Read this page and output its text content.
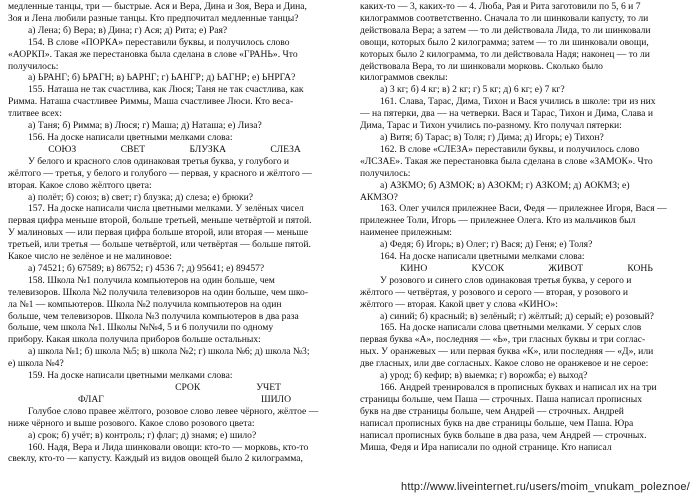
медленные танцы, три — быстрые. Ася и Вера, Дина и Зоя, Вера и Дина,

Зоя и Лена любили разные танцы. Кто предпочитал медленные танцы?

а) Лена; б) Вера; в) Дина; г) Ася; д) Рита; е) Рая?

154. В слове «ПОРКА» переставили буквы, и получилось слово

«АОРКП». Такая же перестановка была сделана в слове «ГРАНЬ». Что

получилось:

а) ЬРАНГ; б) ЬРАГН; в) ЬАРНГ; г) ЬАНГР; д) ЬАГНР; е) ЬНРГА?

155. Наташа не так счастлива, как Люся; Таня не так счастлива, как

Римма. Наташа счастливее Риммы, Маша счастливее Люси. Кто веса-

тлитвее всех:

а) Таня; б) Римма; в) Люся; г) Маша; д) Наташа; е) Лиза?

156. На доске написали цветными мелками слова:

СОЮЗ	СВЕТ	БЛУЗКА	СЛЕЗА

У белого и красного слов одинаковая третья буква, у голубого и

жёлтого — третья, у белого и голубого — первая, у красного и жёлтого —

вторая. Какое слово жёлтого цвета:

а) полёт; б) союз; в) свет; г) блузка; д) слеза; е) брюки?

157. На доске написали числа цветными мелками. У зелёных чисел

первая цифра меньше второй, больше третьей, меньше четвёртой и пятой.

У малиновых — или первая цифра больше второй, или вторая — меньше

третьей, или третья — больше четвёртой, или четвёртая — больше пятой.

Какое число не зелёное и не малиновое:

а) 74521; б) 67589; в) 86752; г) 4536 7; д) 95641; е) 89457?

158. Школа №1 получила компьютеров на один больше, чем

телевизоров. Школа №2 получила телевизоров на один больше, чем шко-

ла №1 — компьютеров. Школа №2 получила компьютеров на один

больше, чем телевизоров. Школа №3 получила компьютеров в два раза

больше, чем школа №1. Школы №№4, 5 и 6 получили по одному

прибору. Какая школа получила приборов больше остальных:

а) школа №1; б) школа №5; в) школа №2; г) школа №6; д) школа №3;

е) школа №4?

159. На доске написали цветными мелками слова:

СРОК	УЧЕТ
ФЛАГ	ШИЛО

Голубое слово правее жёлтого, розовое слово левее чёрного, жёлтое —

ниже чёрного и выше розового. Какое слово розового цвета:

а) срок; б) учёт; в) контроль; г) флаг; д) знамя; е) шило?

160. Надя, Вера и Лида шинковали овощи: кто-то — морковь, кто-то

свеклу, кто-то — капусту. Каждый из видов овощей было 2 килограмма,

каких-то — 3, каких-то — 4. Люба, Рая и Рита заготовили по 5, 6 и 7

килограммов соответственно. Сначала то ли шинковали капусту, то ли

действовала Вера; а затем — то ли действовала Лида, то ли шинковали

овощи, которых было 2 килограмма; затем — то ли шинковали овощи,

которых было 2 килограмма, то ли действовала Надя; наконец — то ли

действовала Вера, то ли шинковали морковь. Сколько было

килограммов свеклы:

а) 3 кг; б) 4 кг; в) 2 кг; г) 5 кг; д) 6 кг; е) 7 кг?

161. Слава, Тарас, Дима, Тихон и Вася учились в школе: три из них

— на пятерки, два — на четверки. Вася и Тарас, Тихон и Дима, Слава и

Дима, Тарас и Тихон учились по-разному. Кто получал пятерки:

а) Витя; б) Тарас; в) Толя; г) Дима; д) Игорь; е) Тихон?

162. В слове «СЛЕЗА» переставили буквы, и получилось слово

«ЛСЗАЕ». Такая же перестановка была сделана в слове «ЗАМОК». Что

получилось:

а) АЗКМО; б) АЗМОК; в) АЗОКМ; г) АЗКОМ; д) АОКМЗ; е)

АКМЗО?

163. Олег учился прилежнее Васи, Федя — прилежнее Игоря, Вася —

прилежнее Толи, Игорь — прилежнее Олега. Кто из мальчиков был

наименее прилежным:

а) Федя; б) Игорь; в) Олег; г) Вася; д) Геня; е) Толя?

164. На доске написали цветными мелками слова:

КИНО	КУСОК	ЖИВОТ	КОНЬ

У розового и синего слов одинаковая третья буква, у серого и

жёлтого — четвёртая, у розового и серого — вторая, у розового и

жёлтого — вторая. Какой цвет у слова «КИНО»:

а) синий; б) красный; в) зелёный; г) жёлтый; д) серый; е) розовый?

165. На доске написали слова цветными мелками. У серых слов

первая буква «А», последняя — «Ь», три гласных буквы и три соглас-

ных. У оранжевых — или первая буква «К», или последняя — «Д», или

две гласных, или две согласных. Какое слово не оранжевое и не серое:

а) урод; б) кефир; в) выемка; г) ворожба; е) выход?

166. Андрей тренировался в прописных буквах и написал их на три

страницы больше, чем Паша — строчных. Паша написал прописных

букв на две страницы больше, чем Андрей — строчных. Андрей

написал прописных букв на две страницы больше, чем Паша. Юра

написал прописных букв больше в два раза, чем Андрей — строчных.

Миша, Федя и Ира написали по одной странице. Кто написал

http://www.liveinternet.ru/users/moim_vnukam_poleznoe/
